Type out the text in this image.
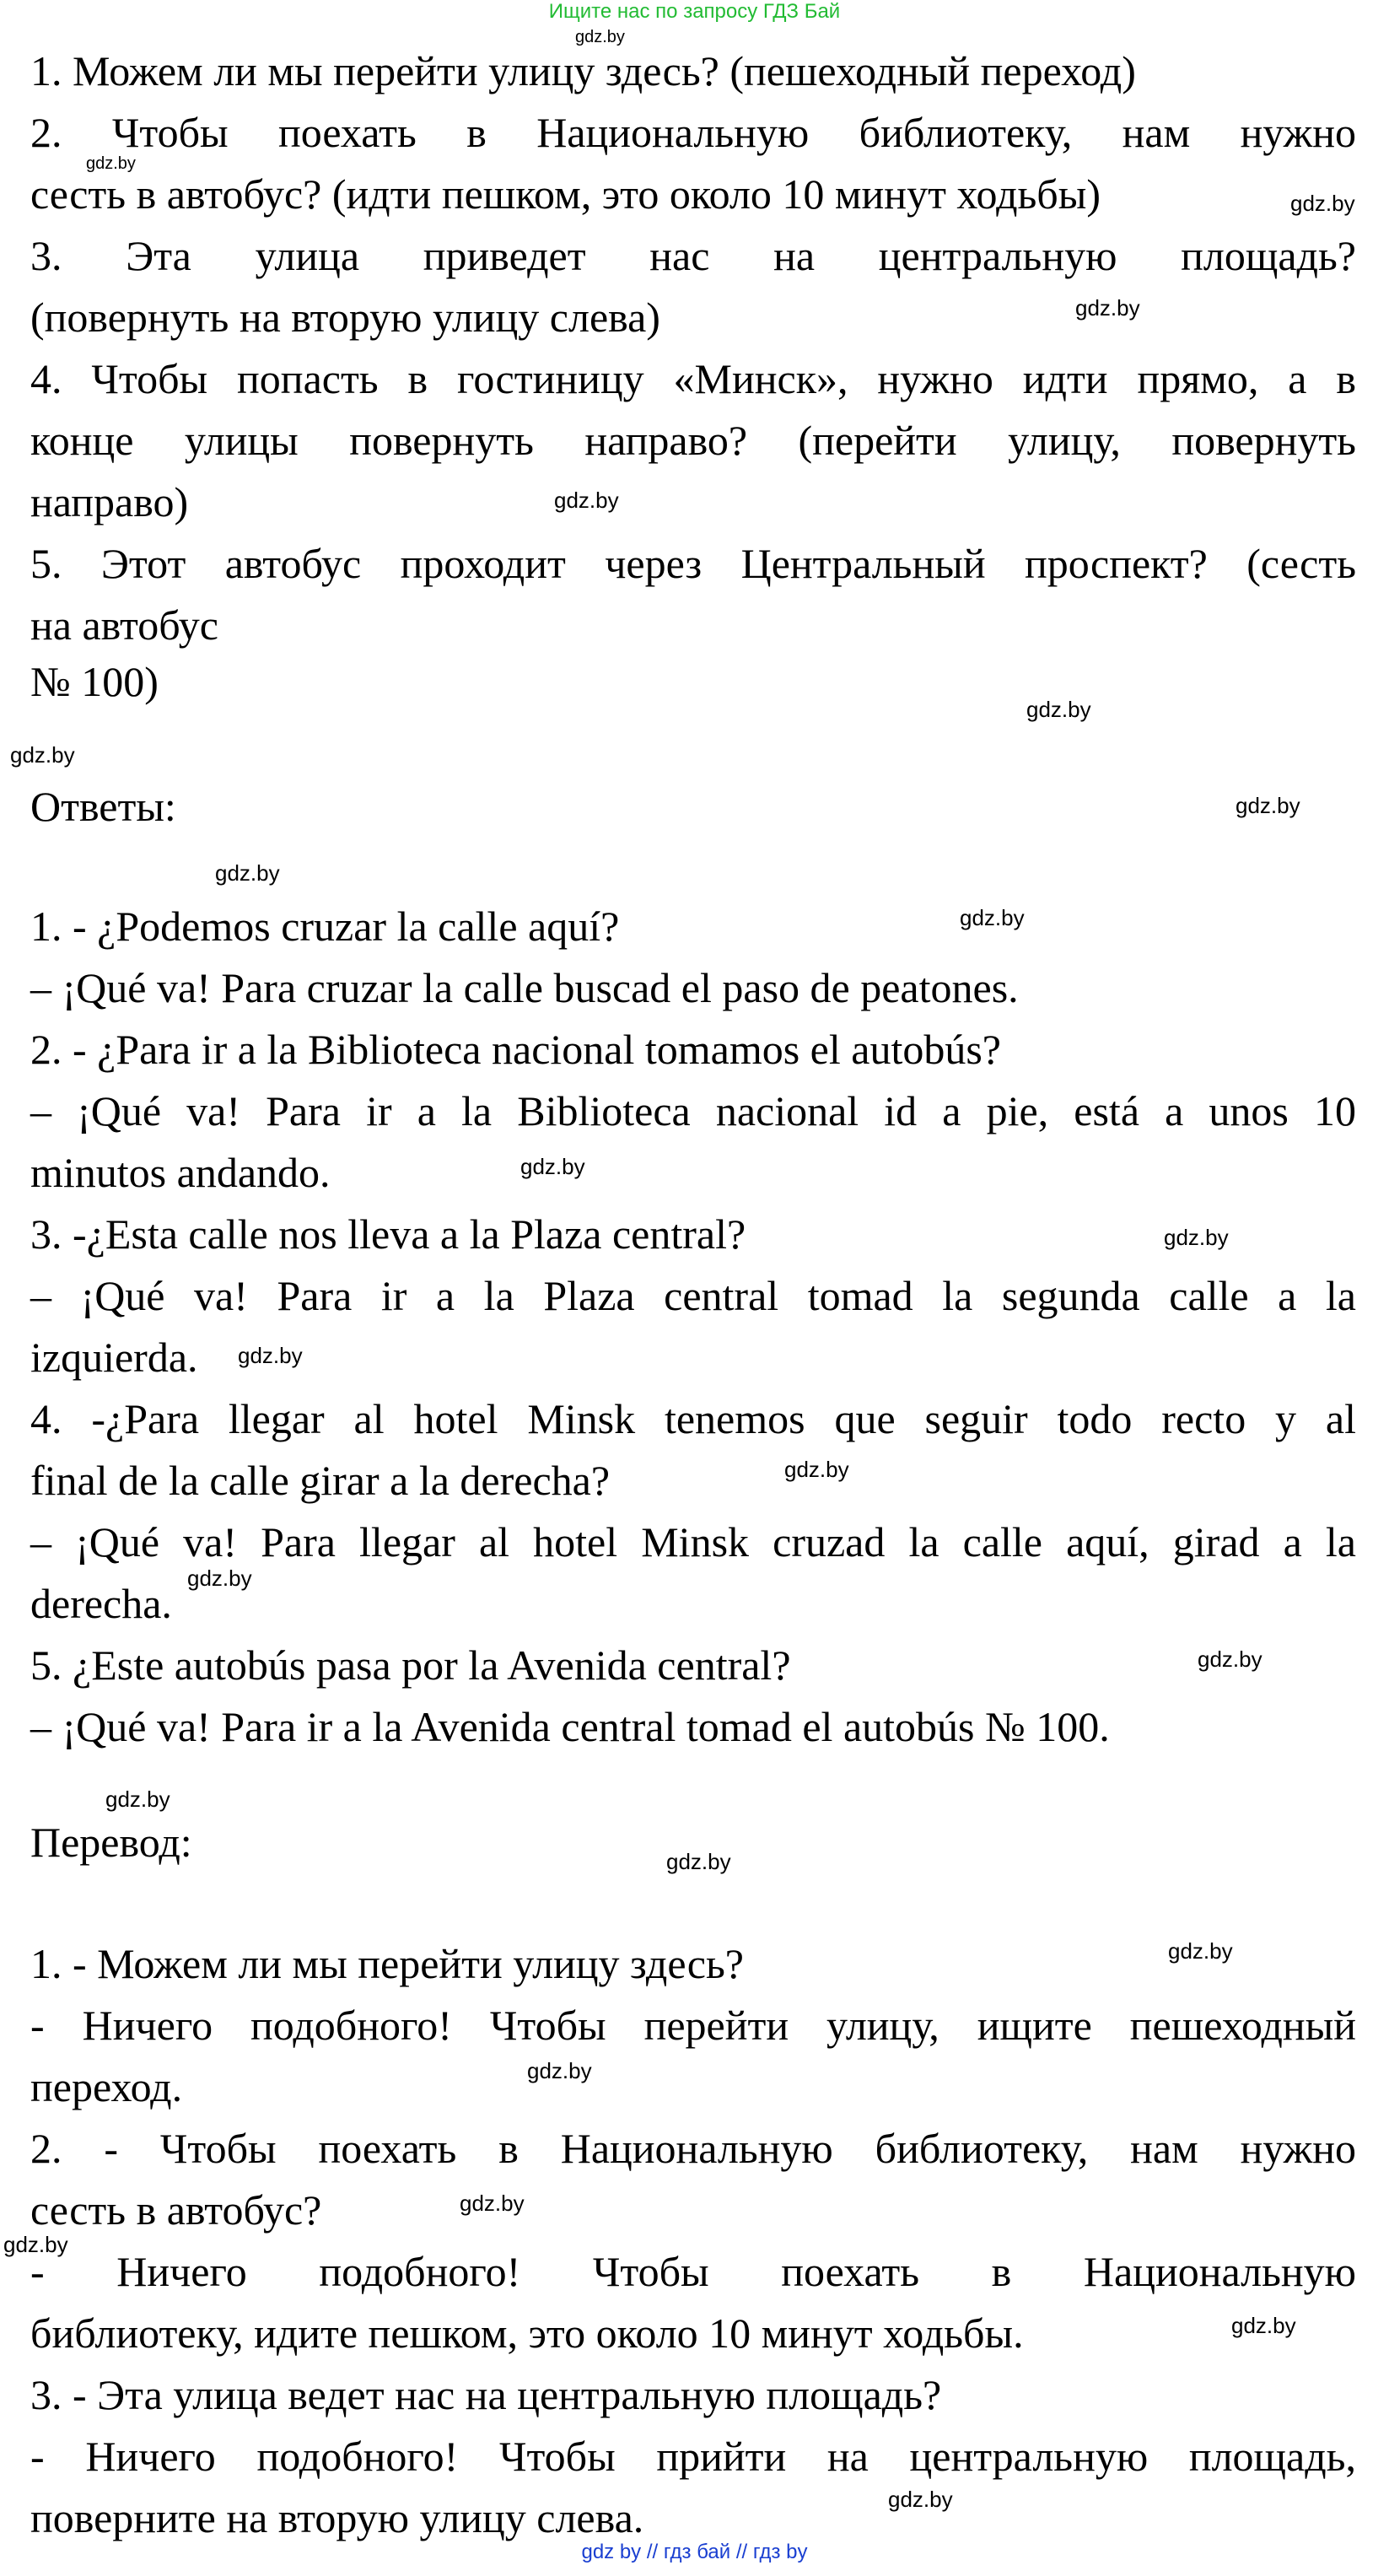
Ищите нас по запросу ГДЗ Бай
1. Можем ли мы перейти улицу здесь? (пешеходный переход)
2. Чтобы поехать в Национальную библиотеку, нам нужно
сесть в автобус? (идти пешком, это около 10 минут ходьбы)
3. Эта улица приведет нас на центральную площадь?
(повернуть на вторую улицу слева)
4. Чтобы попасть в гостиницу «Минск», нужно идти прямо, а в
конце улицы повернуть направо? (перейти улицу, повернуть
направо)
5. Этот автобус проходит через Центральный проспект? (сесть
на автобус
№ 100)
Ответы:
1. - ¿Podemos cruzar la calle aquí?
– ¡Qué va! Para cruzar la calle buscad el paso de peatones.
2. - ¿Para ir a la Biblioteca nacional tomamos el autobús?
– ¡Qué va! Para ir a la Biblioteca nacional id a pie, está a unos 10
minutos andando.
3. -¿Esta calle nos lleva a la Plaza central?
– ¡Qué va! Para ir a la Plaza central tomad la segunda calle a la
izquierda.
4. -¿Para llegar al hotel Minsk tenemos que seguir todo recto y al
final de la calle girar a la derecha?
– ¡Qué va! Para llegar al hotel Minsk cruzad la calle aquí, girad a la
derecha.
5. ¿Este autobús pasa por la Avenida central?
– ¡Qué va! Para ir a la Avenida central tomad el autobús № 100.
Перевод:
1. - Можем ли мы перейти улицу здесь?
- Ничего подобного! Чтобы перейти улицу, ищите пешеходный
переход.
2. - Чтобы поехать в Национальную библиотеку, нам нужно
сесть в автобус?
- Ничего подобного! Чтобы поехать в Национальную
библиотеку, идите пешком, это около 10 минут ходьбы.
3. - Эта улица ведет нас на центральную площадь?
- Ничего подобного! Чтобы прийти на центральную площадь,
поверните на вторую улицу слева.
gdz.by
gdz.by
gdz.by
gdz.by
gdz.by
gdz.by
gdz.by
gdz.by
gdz.by
gdz.by
gdz.by
gdz.by
gdz.by
gdz.by
gdz.by
gdz.by
gdz.by
gdz.by
gdz.by
gdz.by
gdz.by
gdz.by
gdz.by
gdz.by
gdz by // гдз бай // гдз by
